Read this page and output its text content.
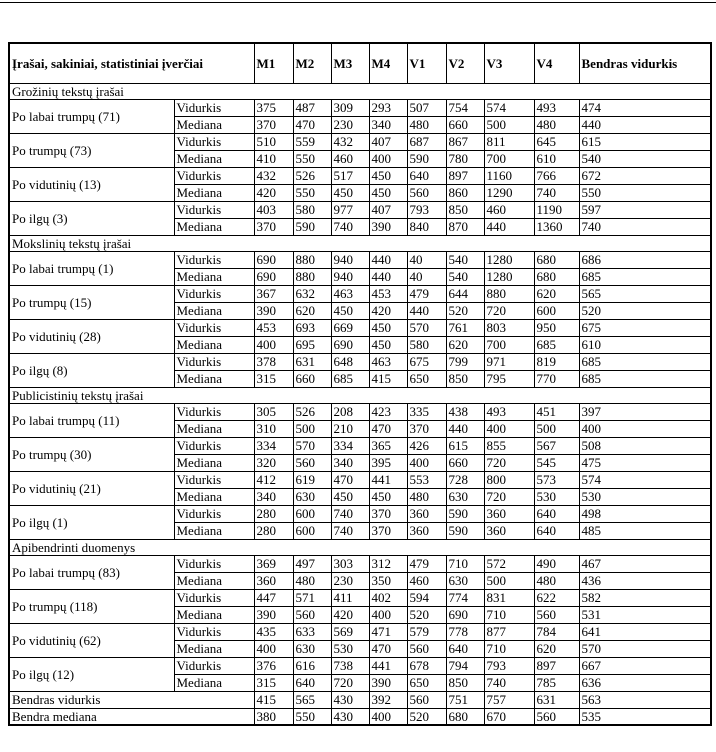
Įrašai, sakiniai, statistiniai įverčiai		M1	M2	M3	M4	V1	V2	V3	V4	Bendras vidurkis
Grožinių tekstų įrašai										
Po labai trumpų (71)	Vidurkis	375	487	309	293	507	754	574	493	474
	Mediana	370	470	230	340	480	660	500	480	440
Po trumpų (73)	Vidurkis	510	559	432	407	687	867	811	645	615
	Mediana	410	550	460	400	590	780	700	610	540
Po vidutinių (13)	Vidurkis	432	526	517	450	640	897	1160	766	672
	Mediana	420	550	450	450	560	860	1290	740	550
Po ilgų (3)	Vidurkis	403	580	977	407	793	850	460	1190	597
	Mediana	370	590	740	390	840	870	440	1360	740
Mokslinių tekstų įrašai										
Po labai trumpų (1)	Vidurkis	690	880	940	440	40	540	1280	680	686
	Mediana	690	880	940	440	40	540	1280	680	685
Po trumpų (15)	Vidurkis	367	632	463	453	479	644	880	620	565
	Mediana	390	620	450	420	440	520	720	600	520
Po vidutinių (28)	Vidurkis	453	693	669	450	570	761	803	950	675
	Mediana	400	695	690	450	580	620	700	685	610
Po ilgų (8)	Vidurkis	378	631	648	463	675	799	971	819	685
	Mediana	315	660	685	415	650	850	795	770	685
Publicistinių tekstų įrašai										
Po labai trumpų (11)	Vidurkis	305	526	208	423	335	438	493	451	397
	Mediana	310	500	210	470	370	440	400	500	400
Po trumpų (30)	Vidurkis	334	570	334	365	426	615	855	567	508
	Mediana	320	560	340	395	400	660	720	545	475
Po vidutinių (21)	Vidurkis	412	619	470	441	553	728	800	573	574
	Mediana	340	630	450	450	480	630	720	530	530
Po ilgų (1)	Vidurkis	280	600	740	370	360	590	360	640	498
	Mediana	280	600	740	370	360	590	360	640	485
Apibendrinti duomenys										
Po labai trumpų (83)	Vidurkis	369	497	303	312	479	710	572	490	467
	Mediana	360	480	230	350	460	630	500	480	436
Po trumpų (118)	Vidurkis	447	571	411	402	594	774	831	622	582
	Mediana	390	560	420	400	520	690	710	560	531
Po vidutinių (62)	Vidurkis	435	633	569	471	579	778	877	784	641
	Mediana	400	630	530	470	560	640	710	620	570
Po ilgų (12)	Vidurkis	376	616	738	441	678	794	793	897	667
	Mediana	315	640	720	390	650	850	740	785	636
Bendras vidurkis		415	565	430	392	560	751	757	631	563
Bendra mediana		380	550	430	400	520	680	670	560	535
